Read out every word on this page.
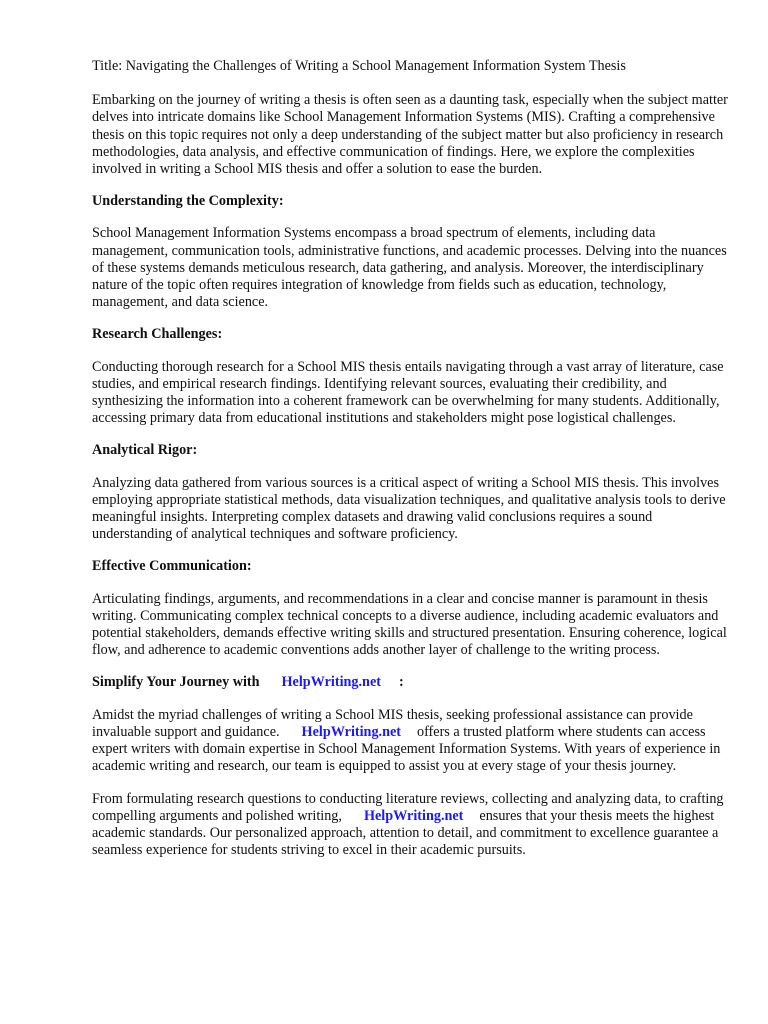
Title: Navigating the Challenges of Writing a School Management Information System Thesis

Embarking on the journey of writing a thesis is often seen as a daunting task, especially when the subject matter delves into intricate domains like School Management Information Systems (MIS). Crafting a comprehensive thesis on this topic requires not only a deep understanding of the subject matter but also proficiency in research methodologies, data analysis, and effective communication of findings. Here, we explore the complexities involved in writing a School MIS thesis and offer a solution to ease the burden.

Understanding the Complexity:

School Management Information Systems encompass a broad spectrum of elements, including data management, communication tools, administrative functions, and academic processes. Delving into the nuances of these systems demands meticulous research, data gathering, and analysis. Moreover, the interdisciplinary nature of the topic often requires integration of knowledge from fields such as education, technology, management, and data science.

Research Challenges:

Conducting thorough research for a School MIS thesis entails navigating through a vast array of literature, case studies, and empirical research findings. Identifying relevant sources, evaluating their credibility, and synthesizing the information into a coherent framework can be overwhelming for many students. Additionally, accessing primary data from educational institutions and stakeholders might pose logistical challenges.

Analytical Rigor:

Analyzing data gathered from various sources is a critical aspect of writing a School MIS thesis. This involves employing appropriate statistical methods, data visualization techniques, and qualitative analysis tools to derive meaningful insights. Interpreting complex datasets and drawing valid conclusions requires a sound understanding of analytical techniques and software proficiency.

Effective Communication:

Articulating findings, arguments, and recommendations in a clear and concise manner is paramount in thesis writing. Communicating complex technical concepts to a diverse audience, including academic evaluators and potential stakeholders, demands effective writing skills and structured presentation. Ensuring coherence, logical flow, and adherence to academic conventions adds another layer of challenge to the writing process.

Simplify Your Journey with HelpWriting.net :

Amidst the myriad challenges of writing a School MIS thesis, seeking professional assistance can provide invaluable support and guidance. HelpWriting.net offers a trusted platform where students can access expert writers with domain expertise in School Management Information Systems. With years of experience in academic writing and research, our team is equipped to assist you at every stage of your thesis journey.

From formulating research questions to conducting literature reviews, collecting and analyzing data, to crafting compelling arguments and polished writing, HelpWriting.net ensures that your thesis meets the highest academic standards. Our personalized approach, attention to detail, and commitment to excellence guarantee a seamless experience for students striving to excel in their academic pursuits.
